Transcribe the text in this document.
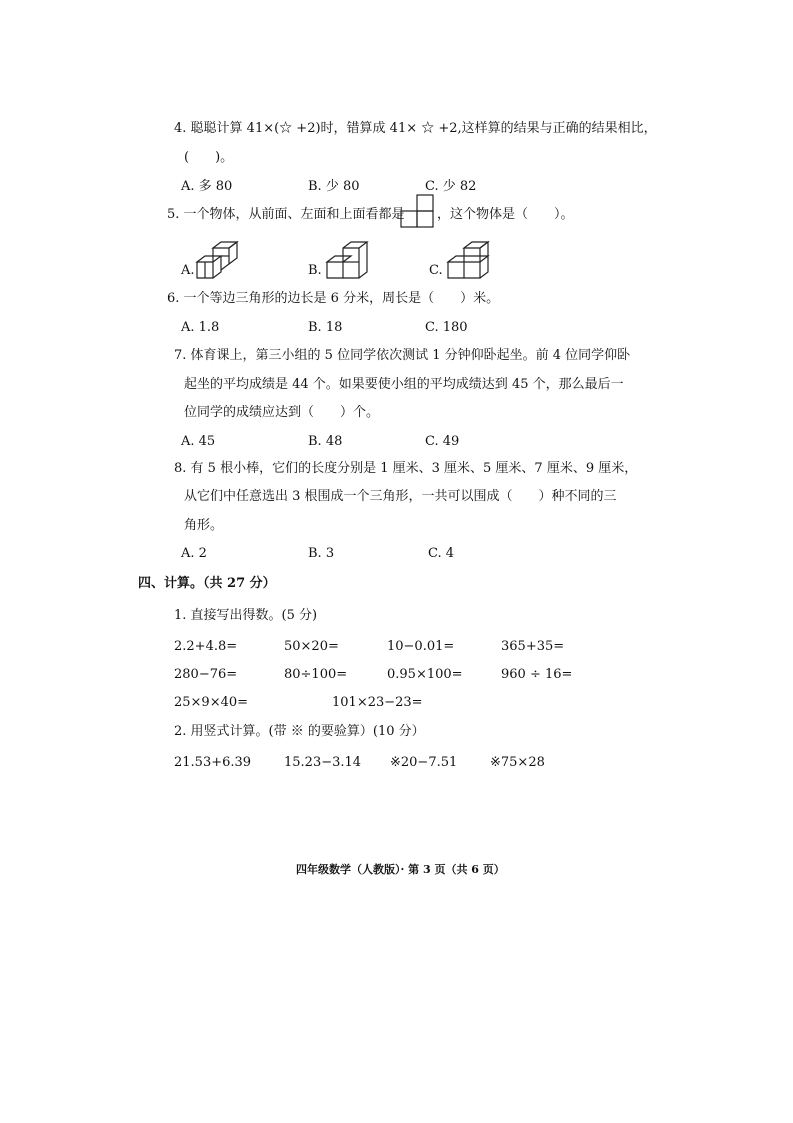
4. 聪聪计算 41×(☆ +2)时，错算成 41× ☆ +2,这样算的结果与正确的结果相比，
(　　)。
A. 多 80	B. 少 80	C. 少 82
5. 一个物体，从前面、左面和上面看都是 ，这个物体是（　　）。
A.	B.	C.
6. 一个等边三角形的边长是 6 分米，周长是（　　）米。
A. 1.8	B. 18	C. 180
7. 体育课上，第三小组的 5 位同学依次测试 1 分钟仰卧起坐。前 4 位同学仰卧
起坐的平均成绩是 44 个。如果要使小组的平均成绩达到 45 个，那么最后一
位同学的成绩应达到（　　）个。
A. 45	B. 48	C. 49
8. 有 5 根小棒，它们的长度分别是 1 厘米、3 厘米、5 厘米、7 厘米、9 厘米，
从它们中任意选出 3 根围成一个三角形，一共可以围成（　　）种不同的三
角形。
A. 2	B. 3	C. 4
四、计算。（共 27 分）
1. 直接写出得数。(5 分)
2.2+4.8=	50×20=	10−0.01=	365+35=
280−76=	80÷100=	0.95×100=	960 ÷ 16=
25×9×40=	101×23−23=
2. 用竖式计算。(带 ※ 的要验算）(10 分）
21.53+6.39	15.23−3.14 ※20−7.51	※75×28
四年级数学（人教版）· 第 3 页（共 6 页）
